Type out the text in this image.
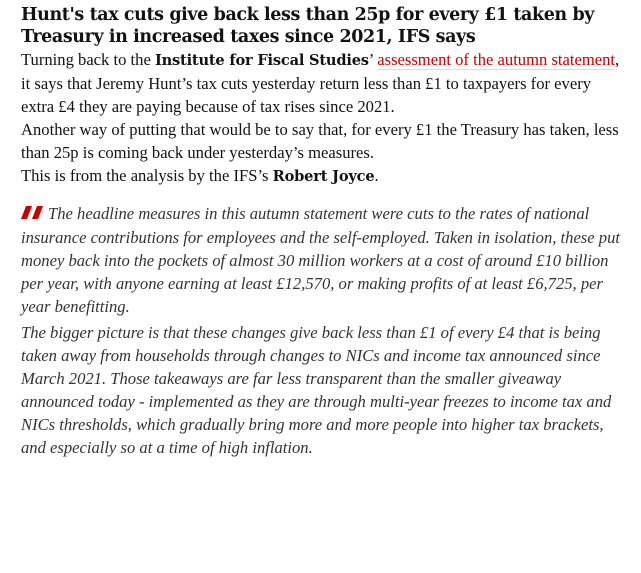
Hunt's tax cuts give back less than 25p for every £1 taken by Treasury in increased taxes since 2021, IFS says

Turning back to the Institute for Fiscal Studies’ assessment of the autumn statement, it says that Jeremy Hunt’s tax cuts yesterday return less than £1 to taxpayers for every extra £4 they are paying because of tax rises since 2021.

Another way of putting that would be to say that, for every £1 the Treasury has taken, less than 25p is coming back under yesterday’s measures.

This is from the analysis by the IFS’s Robert Joyce.

The headline measures in this autumn statement were cuts to the rates of national insurance contributions for employees and the self-employed. Taken in isolation, these put money back into the pockets of almost 30 million workers at a cost of around £10 billion per year, with anyone earning at least £12,570, or making profits of at least £6,725, per year benefitting.

The bigger picture is that these changes give back less than £1 of every £4 that is being taken away from households through changes to NICs and income tax announced since March 2021. Those takeaways are far less transparent than the smaller giveaway announced today - implemented as they are through multi-year freezes to income tax and NICs thresholds, which gradually bring more and more people into higher tax brackets, and especially so at a time of high inflation.
